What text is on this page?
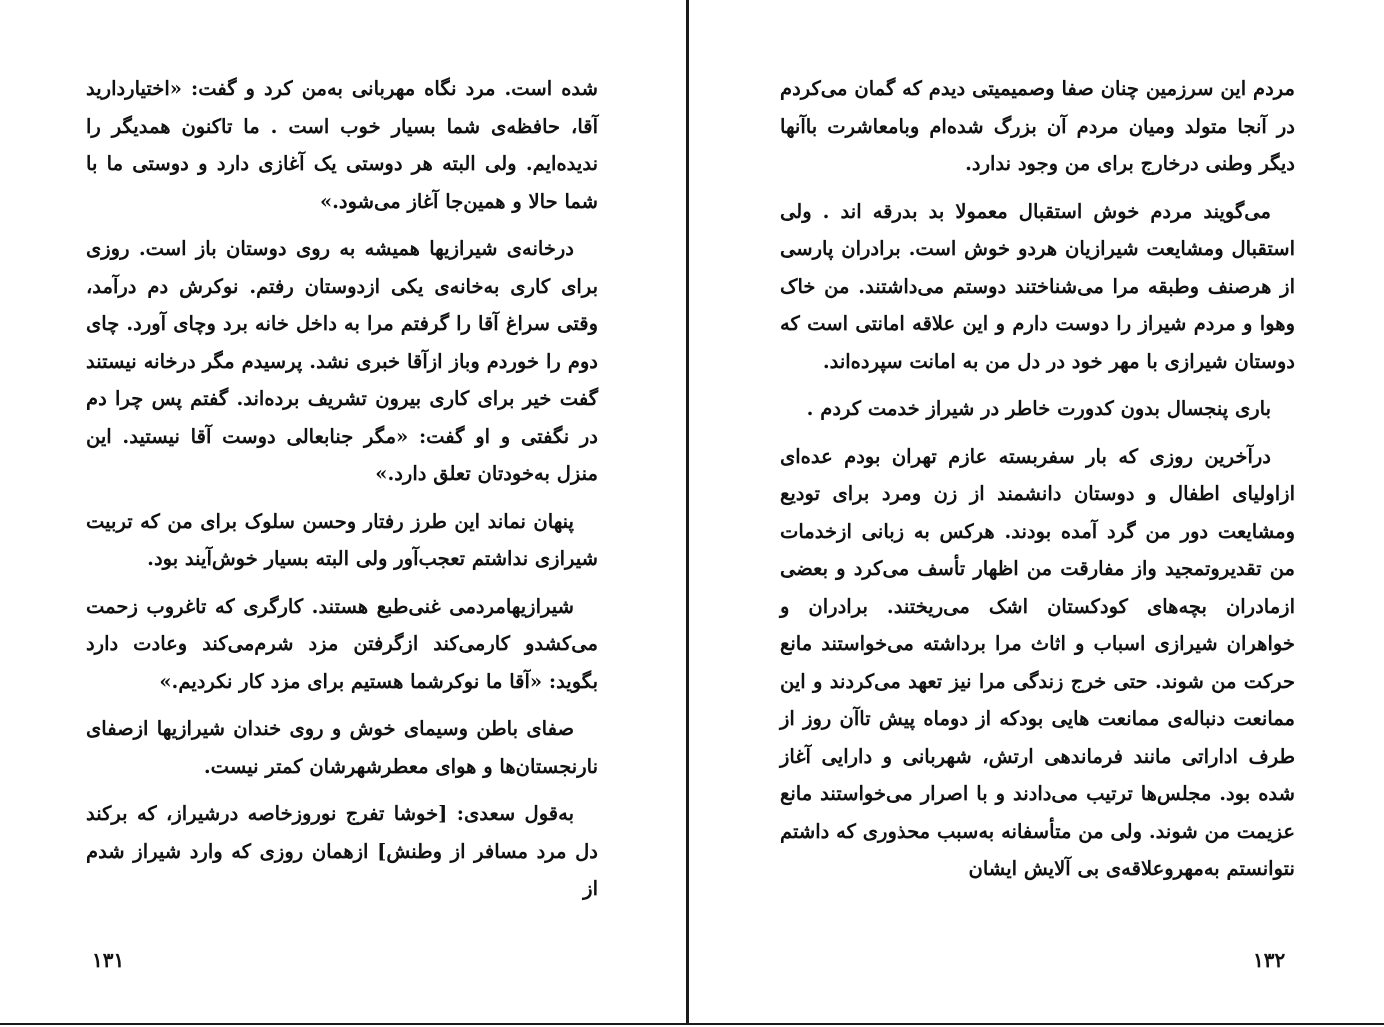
شده است. مرد نگاه مهربانی به‌من کرد و گفت: «اختیاردارید آقا، حافظه‌ی شما بسیار خوب است . ما تاکنون همدیگر را ندیده‌ایم. ولی البته هر دوستی یک آغازی دارد و دوستی ما با شما حالا و همین‌جا آغاز می‌شود.»

درخانه‌ی شیرازیها همیشه به روی دوستان باز است. روزی برای کاری به‌خانه‌ی یکی ازدوستان رفتم. نوکرش دم درآمد، وقتی سراغ آقا را گرفتم مرا به داخل خانه برد وچای آورد. چای دوم را خوردم وباز ازآقا خبری نشد. پرسیدم مگر درخانه نیستند گفت خیر برای کاری بیرون تشریف برده‌اند. گفتم پس چرا دم در نگفتی و او گفت: «مگر جنابعالی دوست آقا نیستید. این منزل به‌خودتان تعلق دارد.»

پنهان نماند این طرز رفتار وحسن سلوک برای من که تربیت شیرازی نداشتم تعجب‌آور ولی البته بسیار خوش‌آیند بود.

شیرازیهامردمی غنی‌طبع هستند. کارگری که تاغروب زحمت می‌کشدو کارمی‌کند ازگرفتن مزد شرم‌می‌کند وعادت دارد بگوید: «آقا ما نوکرشما هستیم برای مزد کار نکردیم.»

صفای باطن وسیمای خوش و روی خندان شیرازیها ازصفای نارنجستان‌ها و هوای معطرشهرشان کمتر نیست.

به‌قول سعدی: [خوشا تفرج نوروزخاصه درشیراز، که برکند دل مرد مسافر از وطنش] ازهمان روزی که وارد شیراز شدم از

۱۳۱

مردم این سرزمین چنان صفا وصمیمیتی دیدم که گمان می‌کردم در آنجا متولد ومیان مردم آن بزرگ شده‌ام وبامعاشرت باآنها دیگر وطنی درخارج برای من وجود ندارد.

می‌گویند مردم خوش استقبال معمولا بد بدرقه اند . ولی استقبال ومشایعت شیرازیان هردو خوش است. برادران پارسی از هرصنف وطبقه مرا می‌شناختند دوستم می‌داشتند. من خاک وهوا و مردم شیراز را دوست دارم و این علاقه امانتی است که دوستان شیرازی با مهر خود در دل من به امانت سپرده‌اند.

باری پنجسال بدون کدورت خاطر در شیراز خدمت کردم .

درآخرین روزی که بار سفربسته عازم تهران بودم عده‌ای ازاولیای اطفال و دوستان دانشمند از زن ومرد برای تودیع ومشایعت دور من گرد آمده بودند. هرکس به زبانی ازخدمات من تقدیروتمجید واز مفارقت من اظهار تأسف می‌کرد و بعضی ازمادران بچه‌های کودکستان اشک می‌ریختند. برادران و خواهران شیرازی اسباب و اثاث مرا برداشته می‌خواستند مانع حرکت من شوند. حتی خرج زندگی مرا نیز تعهد می‌کردند و این ممانعت دنباله‌ی ممانعت هایی بودکه از دوماه پیش تاآن روز از طرف اداراتی مانند فرماندهی ارتش، شهربانی و دارایی آغاز شده بود. مجلس‌ها ترتیب می‌دادند و با اصرار می‌خواستند مانع عزیمت من شوند. ولی من متأسفانه به‌سبب محذوری که داشتم نتوانستم به‌مهروعلاقه‌ی بی آلایش ایشان

۱۳۲
